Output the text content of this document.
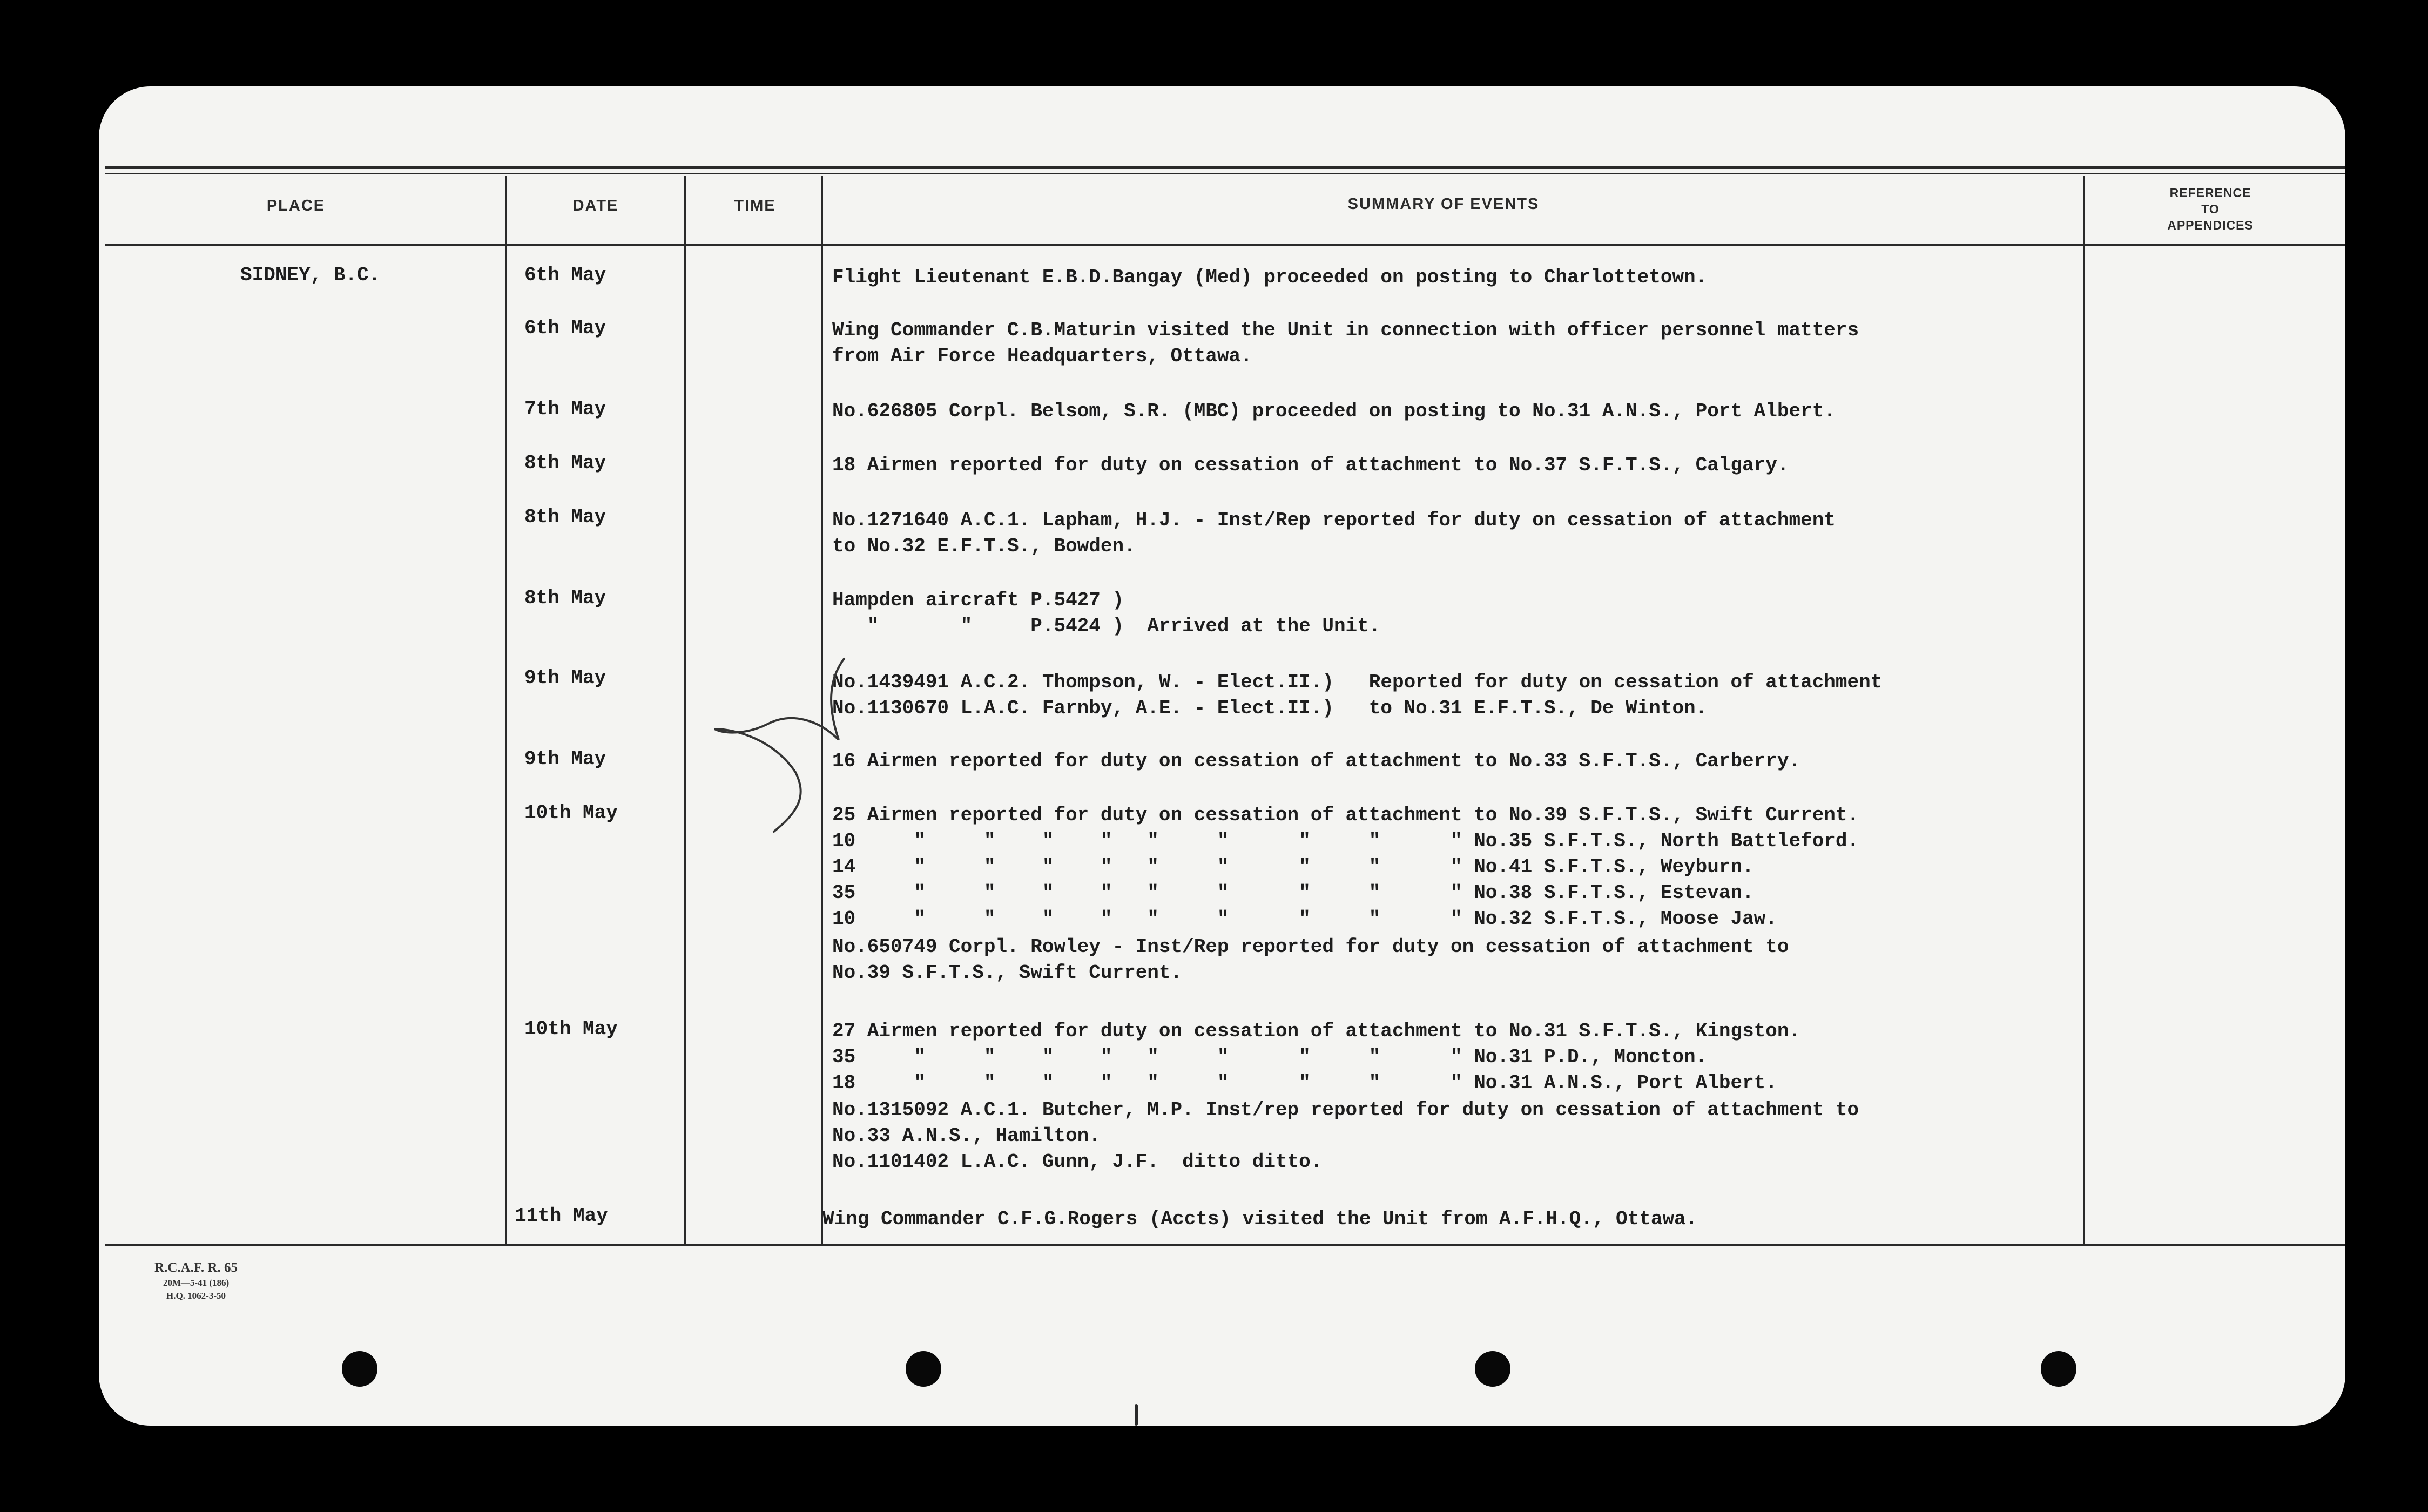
PLACE	DATE	TIME	SUMMARY OF EVENTS
REFERENCE
TO
APPENDICES
SIDNEY, B.C.	6th May	Flight Lieutenant E.B.D.Bangay (Med) proceeded on posting to Charlottetown.
6th May	Wing Commander C.B.Maturin visited the Unit in connection with officer personnel matters
from Air Force Headquarters, Ottawa.
7th May	No.626805 Corpl. Belsom, S.R. (MBC) proceeded on posting to No.31 A.N.S., Port Albert.
8th May	18 Airmen reported for duty on cessation of attachment to No.37 S.F.T.S., Calgary.
8th May	No.1271640 A.C.1. Lapham, H.J. - Inst/Rep reported for duty on cessation of attachment
to No.32 E.F.T.S., Bowden.
8th May	Hampden aircraft P.5427 )
"       "     P.5424 )  Arrived at the Unit.
9th May	No.1439491 A.C.2. Thompson, W. - Elect.II.)   Reported for duty on cessation of attachment
No.1130670 L.A.C. Farnby, A.E. - Elect.II.)   to No.31 E.F.T.S., De Winton.
9th May	16 Airmen reported for duty on cessation of attachment to No.33 S.F.T.S., Carberry.
10th May	25 Airmen reported for duty on cessation of attachment to No.39 S.F.T.S., Swift Current.
10     "     "    "    "   "     "      "     "      " No.35 S.F.T.S., North Battleford.
14     "     "    "    "   "     "      "     "      " No.41 S.F.T.S., Weyburn.
35     "     "    "    "   "     "      "     "      " No.38 S.F.T.S., Estevan.
10     "     "    "    "   "     "      "     "      " No.32 S.F.T.S., Moose Jaw.
No.650749 Corpl. Rowley - Inst/Rep reported for duty on cessation of attachment to
No.39 S.F.T.S., Swift Current.
10th May	27 Airmen reported for duty on cessation of attachment to No.31 S.F.T.S., Kingston.
35     "     "    "    "   "     "      "     "      " No.31 P.D., Moncton.
18     "     "    "    "   "     "      "     "      " No.31 A.N.S., Port Albert.
No.1315092 A.C.1. Butcher, M.P. Inst/rep reported for duty on cessation of attachment to
No.33 A.N.S., Hamilton.
No.1101402 L.A.C. Gunn, J.F.  ditto ditto.
11th May	Wing Commander C.F.G.Rogers (Accts) visited the Unit from A.F.H.Q., Ottawa.
R.C.A.F. R. 65
20M—5-41 (186)
H.Q. 1062-3-50
